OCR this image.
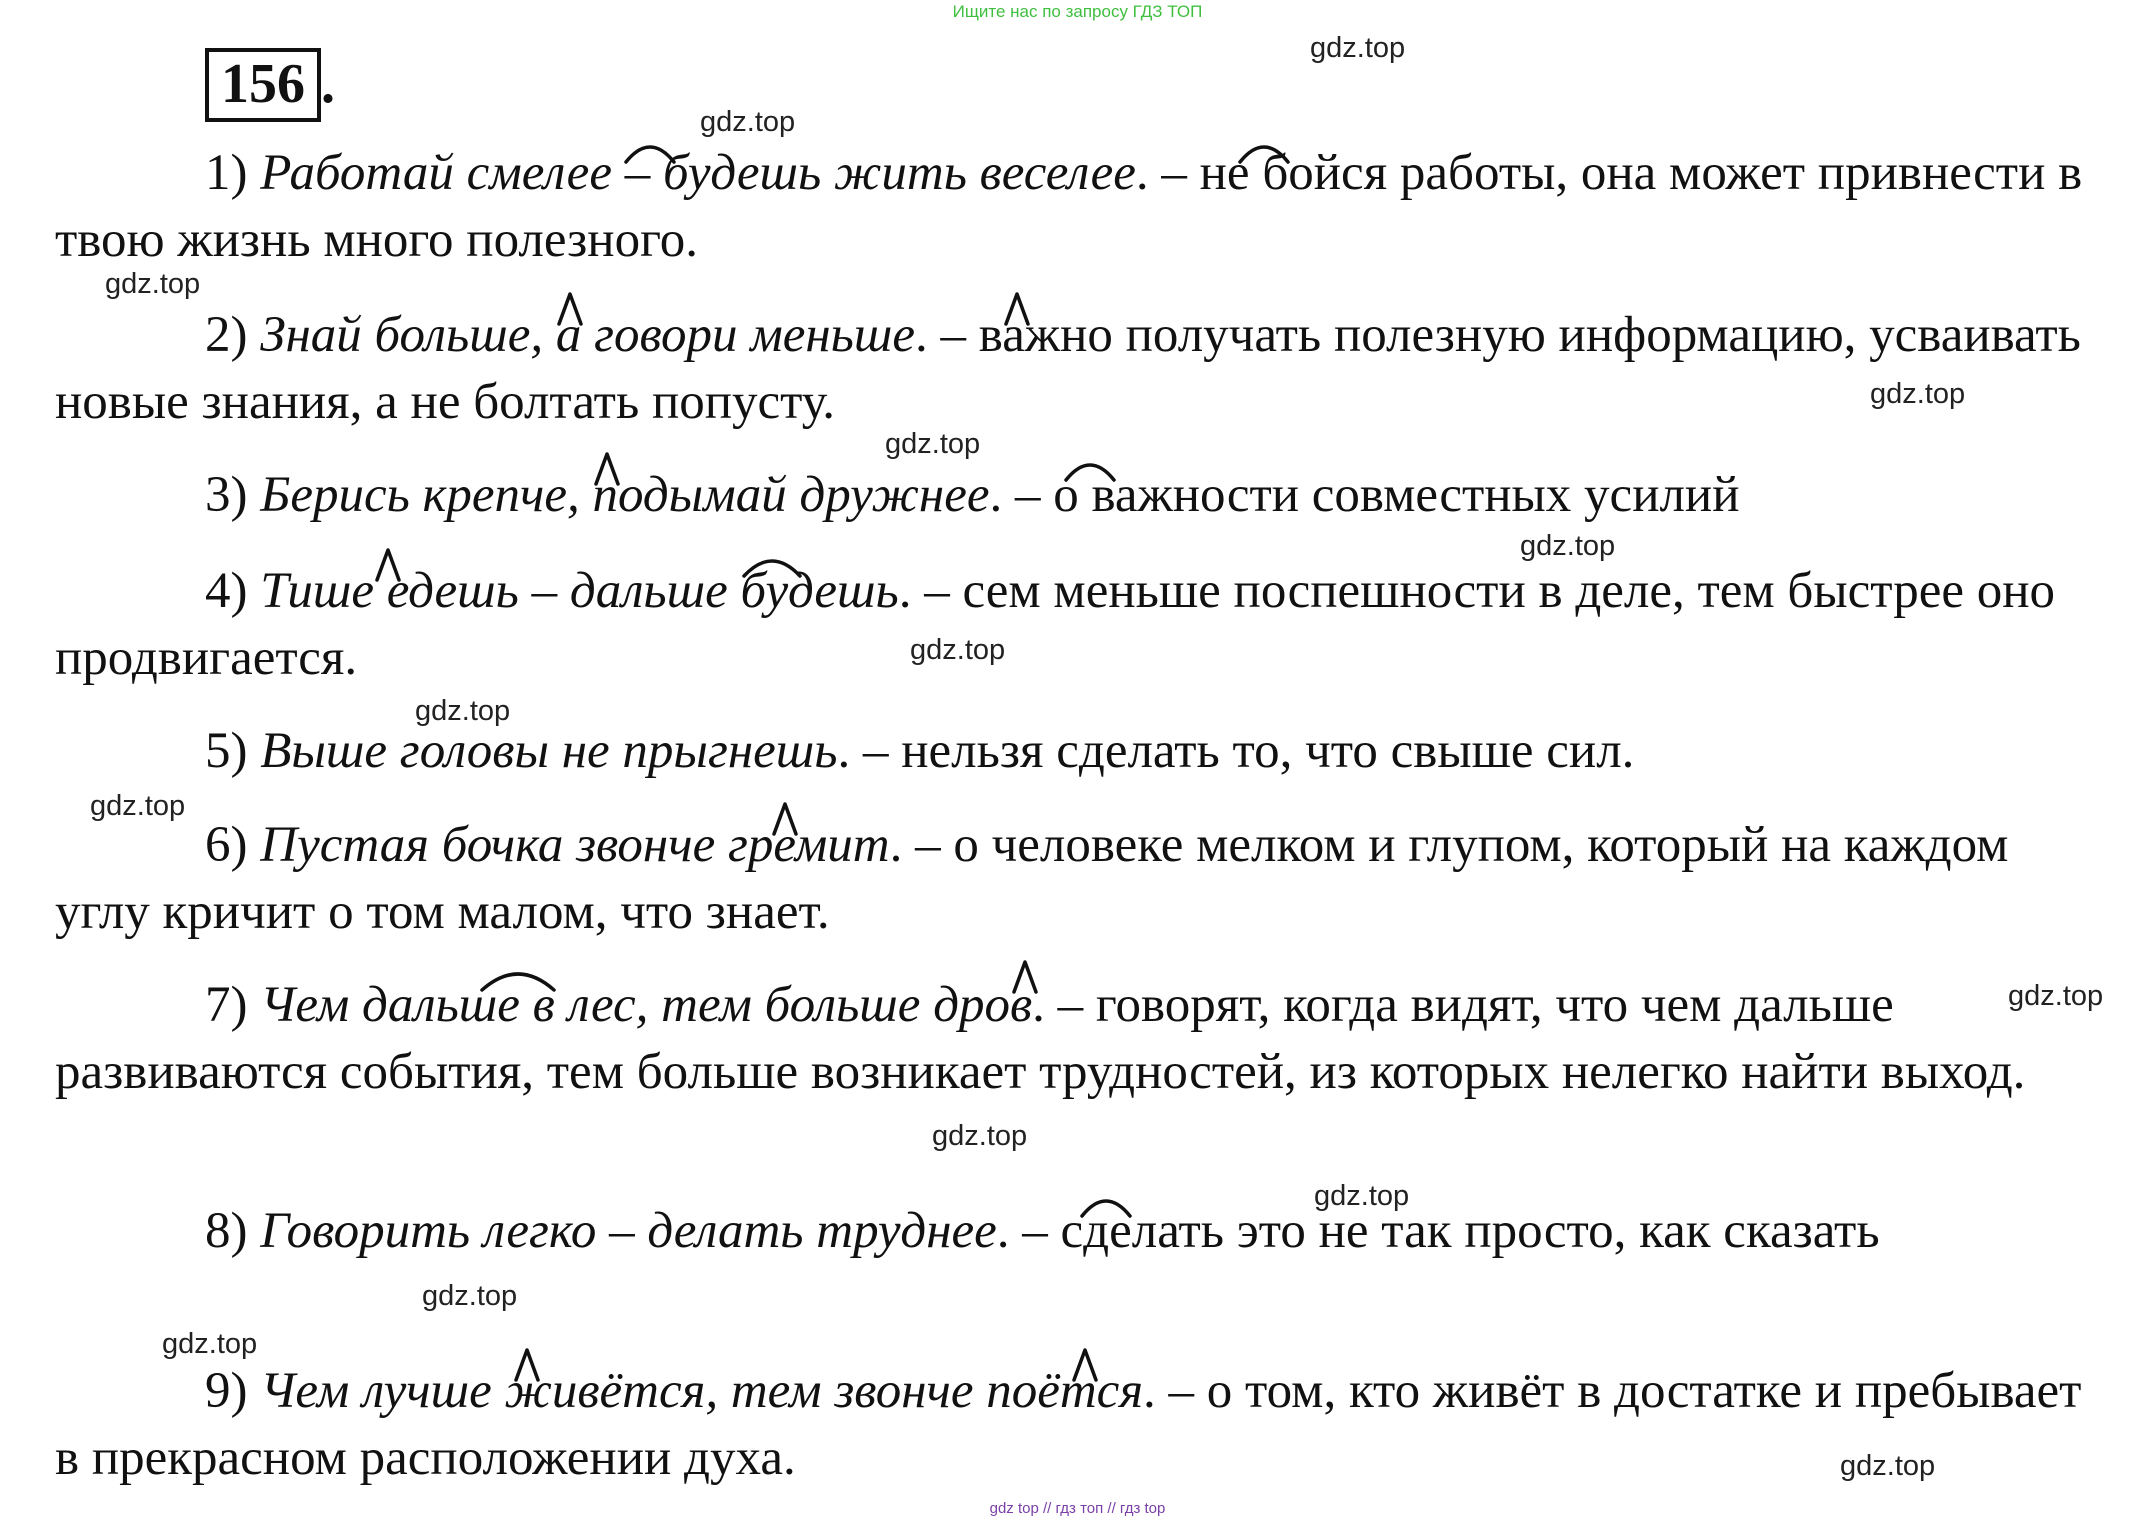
Ищите нас по запросу ГДЗ ТОП
156 .

1) Работай смелее – будешь жить веселее. – не бойся работы, она может привнести в твою жизнь много полезного.

2) Знай больше, а говори меньше. – важно получать полезную информацию, усваивать новые знания, а не болтать попусту.

3) Берись крепче, подымай дружнее. – о важности совместных усилий

4) Тише едешь – дальше будешь. – сем меньше поспешности в деле, тем быстрее оно продвигается.

5) Выше головы не прыгнешь. – нельзя сделать то, что свыше сил.

6) Пустая бочка звонче гремит. – о человеке мелком и глупом, который на каждом углу кричит о том малом, что знает.

7) Чем дальше в лес, тем больше дров. – говорят, когда видят, что чем дальше развиваются события, тем больше возникает трудностей, из которых нелегко найти выход.

8) Говорить легко – делать труднее. – сделать это не так просто, как сказать

9) Чем лучше живётся, тем звонче поётся. – о том, кто живёт в достатке и пребывает в прекрасном расположении духа.

gdz.top
gdz.top
gdz.top
gdz.top
gdz.top
gdz.top
gdz.top
gdz.top
gdz.top
gdz.top
gdz.top
gdz.top
gdz.top
gdz.top
gdz.top
gdz top // гдз топ // гдз top
